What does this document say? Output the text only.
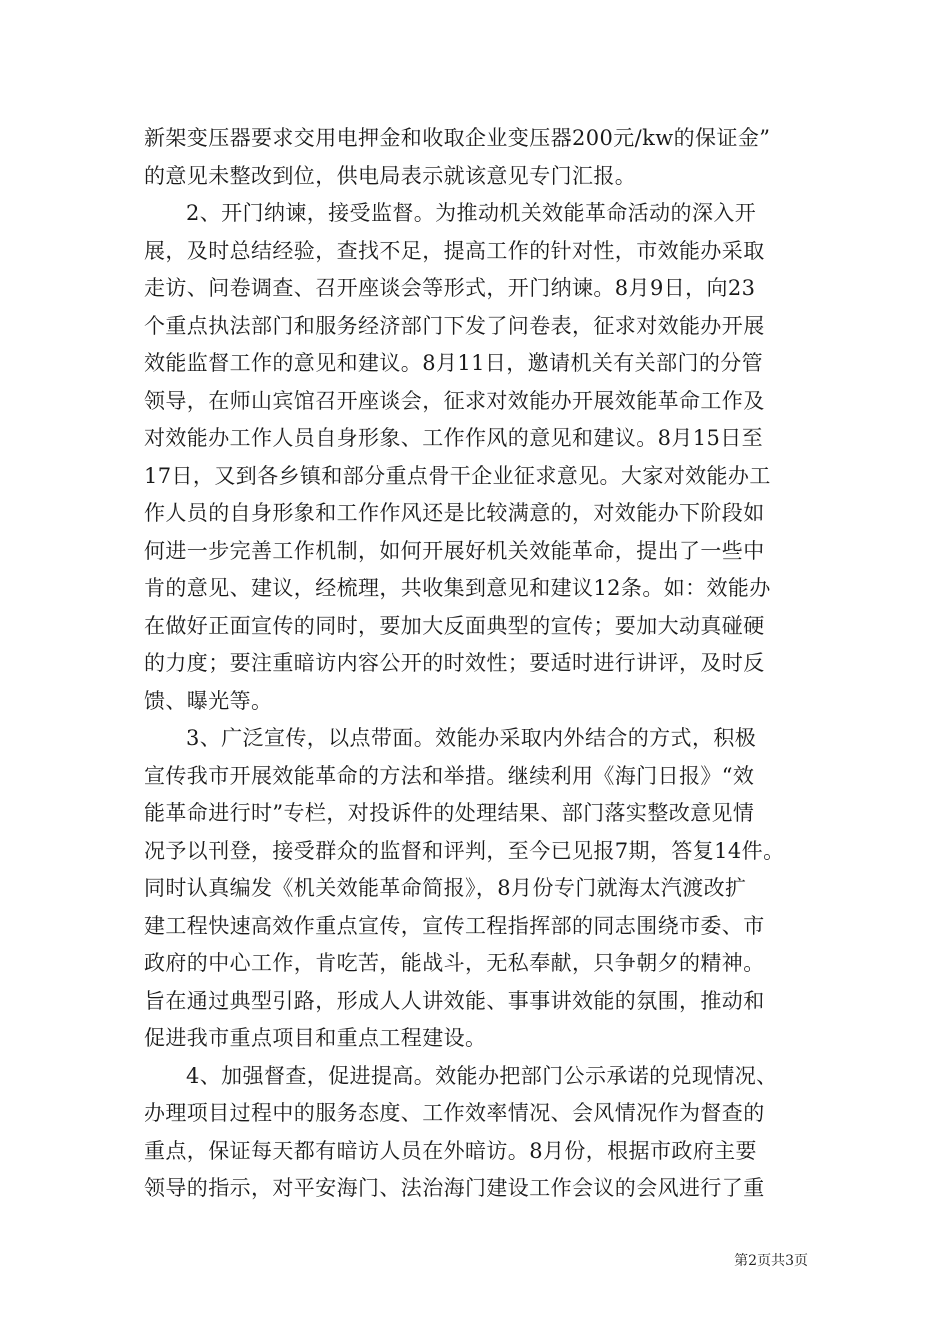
新架变压器要求交用电押金和收取企业变压器200元/kw的保证金”
的意见未整改到位，供电局表示就该意见专门汇报。
2、开门纳谏，接受监督。为推动机关效能革命活动的深入开
展，及时总结经验，查找不足，提高工作的针对性，市效能办采取
走访、问卷调查、召开座谈会等形式，开门纳谏。8月9日，向23
个重点执法部门和服务经济部门下发了问卷表，征求对效能办开展
效能监督工作的意见和建议。8月11日，邀请机关有关部门的分管
领导，在师山宾馆召开座谈会，征求对效能办开展效能革命工作及
对效能办工作人员自身形象、工作作风的意见和建议。8月15日至
17日，又到各乡镇和部分重点骨干企业征求意见。大家对效能办工
作人员的自身形象和工作作风还是比较满意的，对效能办下阶段如
何进一步完善工作机制，如何开展好机关效能革命，提出了一些中
肯的意见、建议，经梳理，共收集到意见和建议12条。如：效能办
在做好正面宣传的同时，要加大反面典型的宣传；要加大动真碰硬
的力度；要注重暗访内容公开的时效性；要适时进行讲评，及时反
馈、曝光等。
3、广泛宣传，以点带面。效能办采取内外结合的方式，积极
宣传我市开展效能革命的方法和举措。继续利用《海门日报》“效
能革命进行时”专栏，对投诉件的处理结果、部门落实整改意见情
况予以刊登，接受群众的监督和评判，至今已见报7期，答复14件。
同时认真编发《机关效能革命简报》，8月份专门就海太汽渡改扩
建工程快速高效作重点宣传，宣传工程指挥部的同志围绕市委、市
政府的中心工作，肯吃苦，能战斗，无私奉献，只争朝夕的精神。
旨在通过典型引路，形成人人讲效能、事事讲效能的氛围，推动和
促进我市重点项目和重点工程建设。
4、加强督查，促进提高。效能办把部门公示承诺的兑现情况、
办理项目过程中的服务态度、工作效率情况、会风情况作为督查的
重点，保证每天都有暗访人员在外暗访。8月份，根据市政府主要
领导的指示，对平安海门、法治海门建设工作会议的会风进行了重
第2页共3页
